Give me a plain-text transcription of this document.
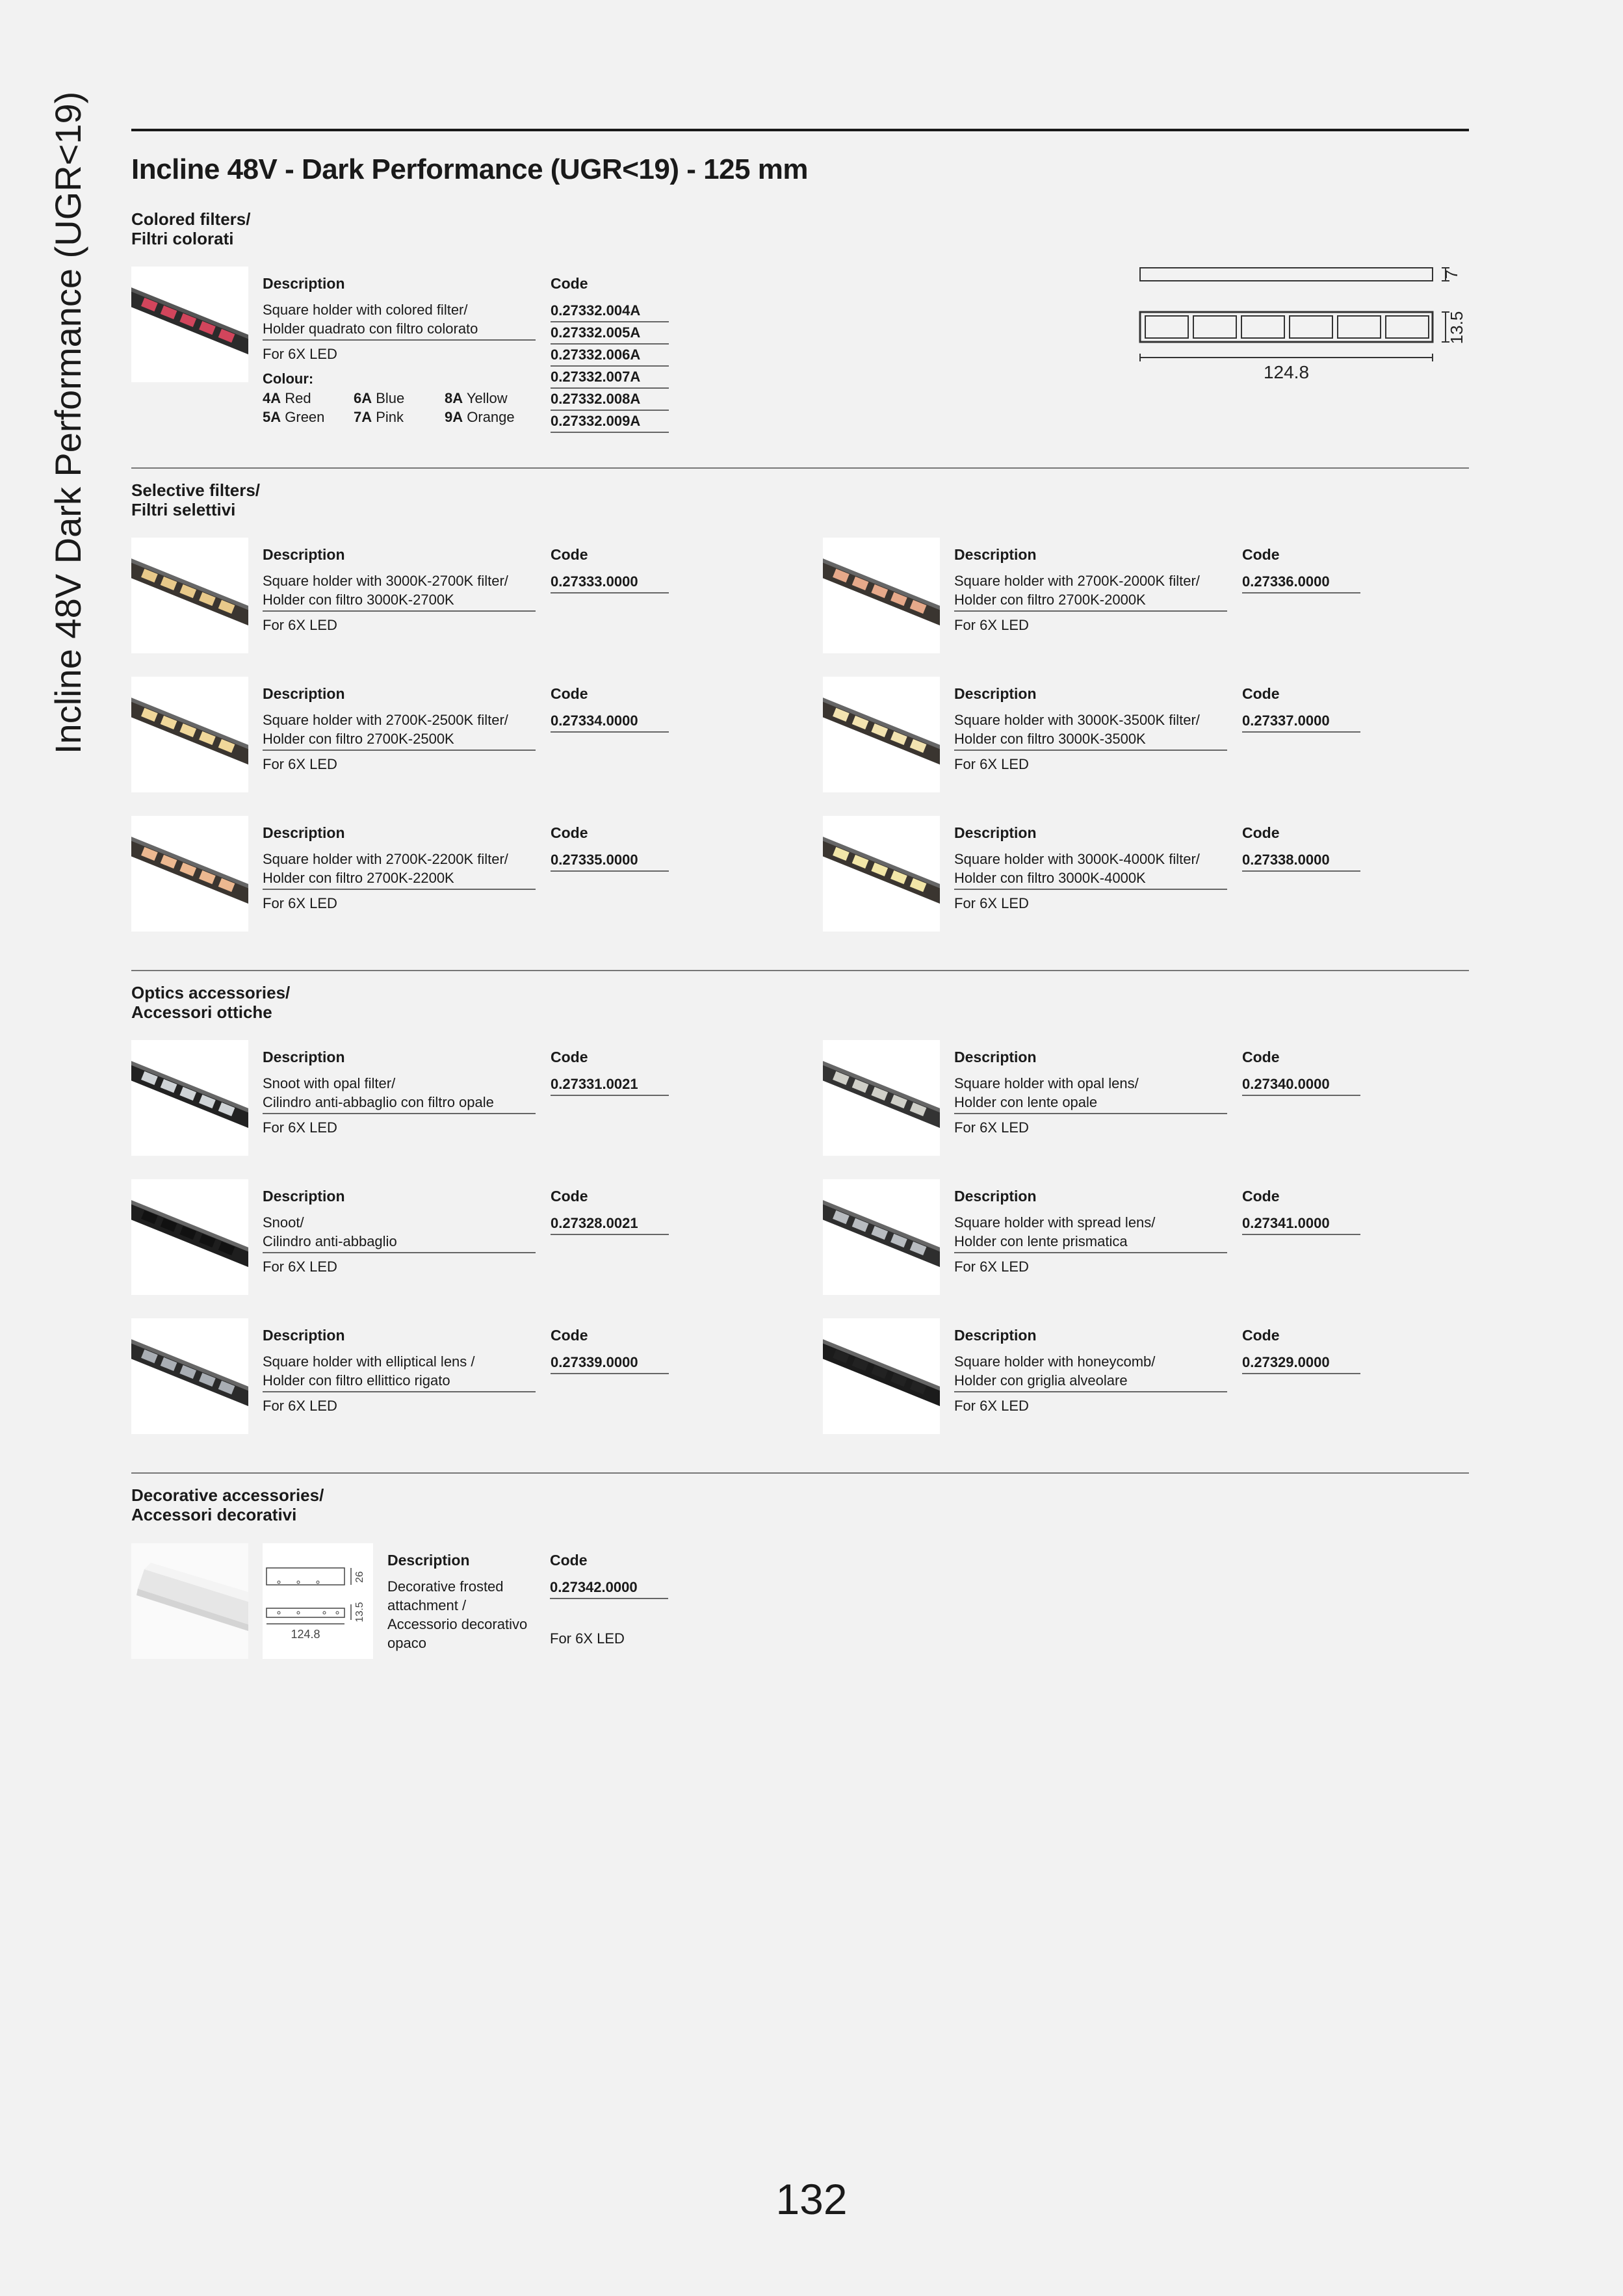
Incline 48V Dark Performance (UGR<19)	Incline 48V - Dark Performance (UGR<19) - 125 mm
Colored filters/
Filtri colorati
Description
Square holder with colored filter/
Holder quadrato con filtro colorato
For 6X LED
Colour:
4A Red	6A Blue	8A Yellow
5A Green	7A Pink	9A Orange
Code
0.27332.004A
0.27332.005A
0.27332.006A
0.27332.007A
0.27332.008A
0.27332.009A
7
13.5
124.8
Selective filters/
Filtri selettivi
Description
Square holder with 3000K-2700K filter/
Holder con filtro 3000K-2700K
For 6X LED
Code
0.27333.0000
Description
Square holder with 2700K-2000K filter/
Holder con filtro 2700K-2000K
For 6X LED
Code
0.27336.0000
Description
Square holder with 2700K-2500K filter/
Holder con filtro 2700K-2500K
For 6X LED
Code
0.27334.0000
Description
Square holder with 3000K-3500K filter/
Holder con filtro 3000K-3500K
For 6X LED
Code
0.27337.0000
Description
Square holder with 2700K-2200K filter/
Holder con filtro 2700K-2200K
For 6X LED
Code
0.27335.0000
Description
Square holder with 3000K-4000K filter/
Holder con filtro 3000K-4000K
For 6X LED
Code
0.27338.0000
Optics accessories/
Accessori ottiche
Description
Snoot with opal filter/
Cilindro anti-abbaglio con filtro opale
For 6X LED
Code
0.27331.0021
Description
Square holder with opal lens/
Holder con lente opale
For 6X LED
Code
0.27340.0000
Description
Snoot/
Cilindro anti-abbaglio
For 6X LED
Code
0.27328.0021
Description
Square holder with spread lens/
Holder con lente prismatica
For 6X LED
Code
0.27341.0000
Description
Square holder with elliptical lens /
Holder con filtro ellittico rigato
For 6X LED
Code
0.27339.0000
Description
Square holder with honeycomb/
Holder con griglia alveolare
For 6X LED
Code
0.27329.0000
Decorative accessories/
Accessori decorativi
26
13.5
124.8
Description
Decorative frosted attachment /
Accessorio decorativo opaco
Code
0.27342.0000
For 6X LED
132
